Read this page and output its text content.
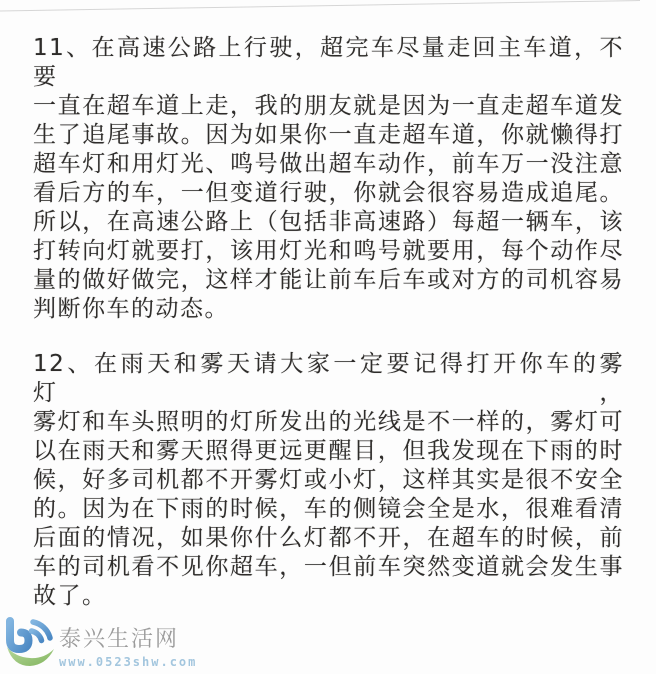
11、在高速公路上行驶，超完车尽量走回主车道，不要
一直在超车道上走，我的朋友就是因为一直走超车道发
生了追尾事故。因为如果你一直走超车道，你就懒得打
超车灯和用灯光、鸣号做出超车动作，前车万一没注意
看后方的车，一但变道行驶，你就会很容易造成追尾。
所以，在高速公路上（包括非高速路）每超一辆车，该
打转向灯就要打，该用灯光和鸣号就要用，每个动作尽
量的做好做完，这样才能让前车后车或对方的司机容易
判断你车的动态。
12、在雨天和雾天请大家一定要记得打开你车的雾灯，
雾灯和车头照明的灯所发出的光线是不一样的，雾灯可
以在雨天和雾天照得更远更醒目，但我发现在下雨的时
候，好多司机都不开雾灯或小灯，这样其实是很不安全
的。因为在下雨的时候，车的侧镜会全是水，很难看清
后面的情况，如果你什么灯都不开，在超车的时候，前
车的司机看不见你超车，一但前车突然变道就会发生事
故了。
泰兴生活网
www.0523shw.com
